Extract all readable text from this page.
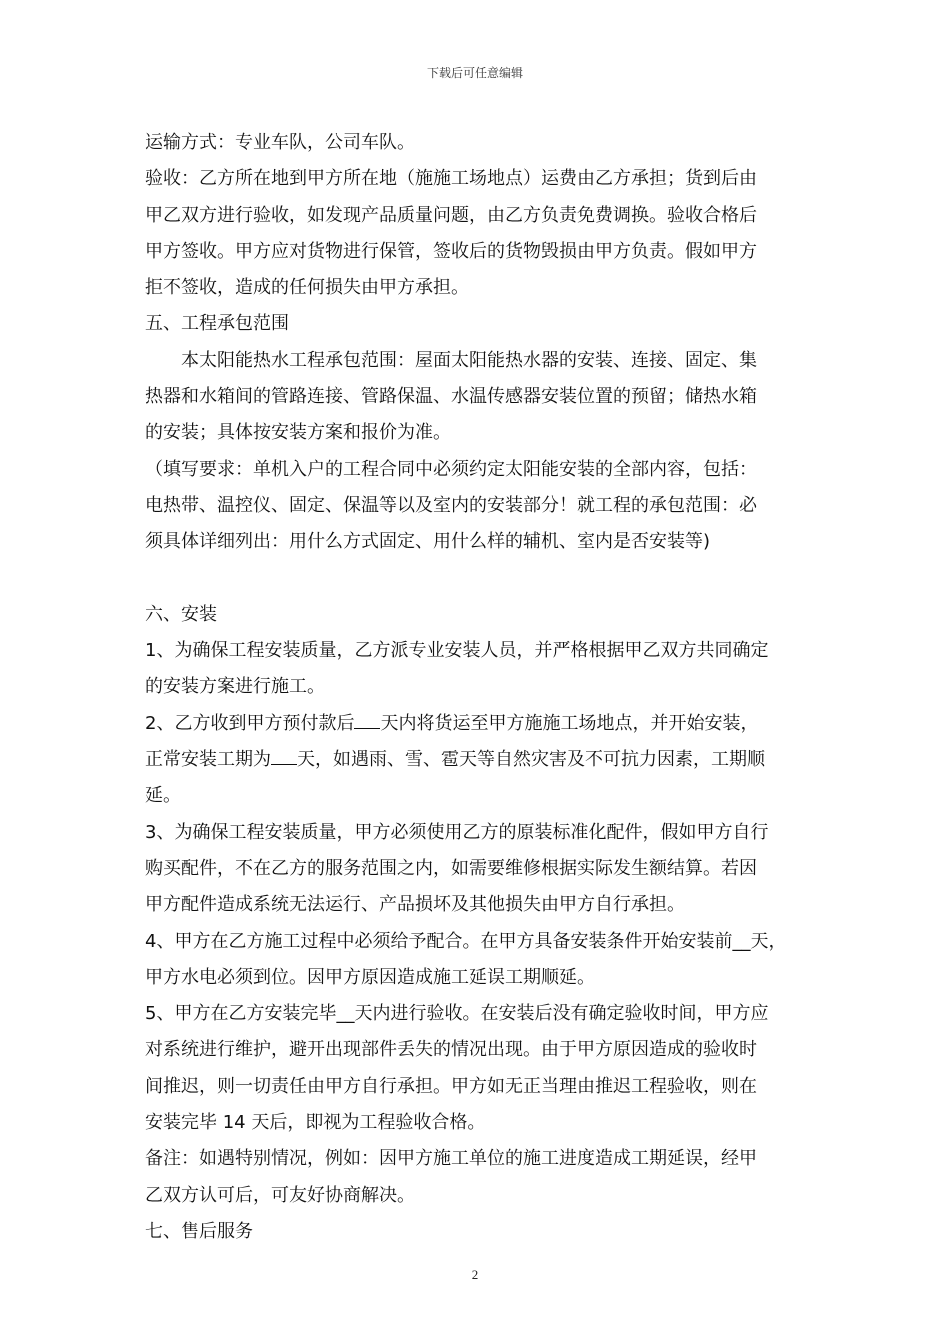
下载后可任意编辑
运输方式：专业车队，公司车队。
验收：乙方所在地到甲方所在地（施施工场地点）运费由乙方承担；货到后由
甲乙双方进行验收，如发现产品质量问题，由乙方负责免费调换。验收合格后
甲方签收。甲方应对货物进行保管，签收后的货物毁损由甲方负责。假如甲方
拒不签收，造成的任何损失由甲方承担。
五、工程承包范围
本太阳能热水工程承包范围：屋面太阳能热水器的安装、连接、固定、集
热器和水箱间的管路连接、管路保温、水温传感器安装位置的预留；储热水箱
的安装；具体按安装方案和报价为准。
（填写要求：单机入户的工程合同中必须约定太阳能安装的全部内容，包括：
电热带、温控仪、固定、保温等以及室内的安装部分！就工程的承包范围：必
须具体详细列出：用什么方式固定、用什么样的辅机、室内是否安装等)
六、安装
1、为确保工程安装质量，乙方派专业安装人员，并严格根据甲乙双方共同确定
的安装方案进行施工。
2、乙方收到甲方预付款后 天内将货运至甲方施施工场地点，并开始安装，
正常安装工期为 天，如遇雨、雪、雹天等自然灾害及不可抗力因素，工期顺
延。
3、为确保工程安装质量，甲方必须使用乙方的原装标准化配件，假如甲方自行
购买配件，不在乙方的服务范围之内，如需要维修根据实际发生额结算。若因
甲方配件造成系统无法运行、产品损坏及其他损失由甲方自行承担。
4、甲方在乙方施工过程中必须给予配合。在甲方具备安装条件开始安装前__天，
甲方水电必须到位。因甲方原因造成施工延误工期顺延。
5、甲方在乙方安装完毕__天内进行验收。在安装后没有确定验收时间，甲方应
对系统进行维护，避开出现部件丢失的情况出现。由于甲方原因造成的验收时
间推迟，则一切责任由甲方自行承担。甲方如无正当理由推迟工程验收，则在
安装完毕 14 天后，即视为工程验收合格。
备注：如遇特别情况，例如：因甲方施工单位的施工进度造成工期延误，经甲
乙双方认可后，可友好协商解决。
七、售后服务
2
